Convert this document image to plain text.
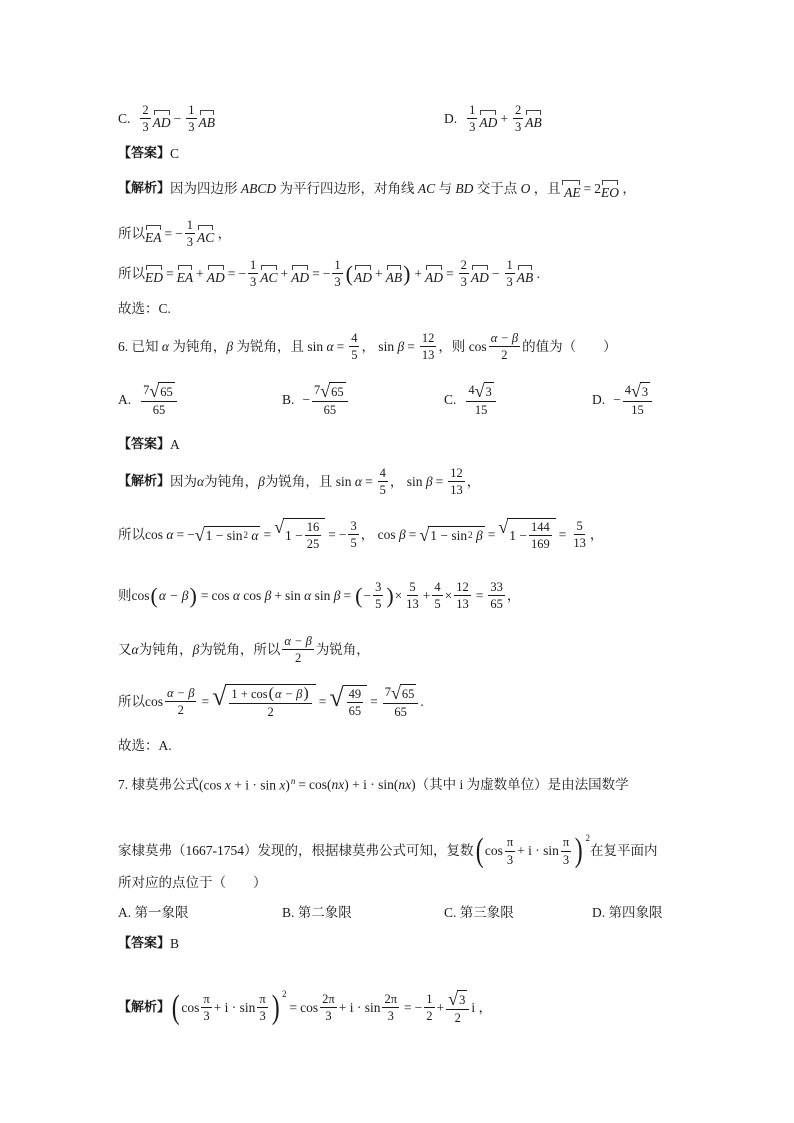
C. $\frac{2}{3}$ AD − $\frac{1}{3}$ AB	D. $\frac{1}{3}$ AD + $\frac{2}{3}$ AB
【答案】 C
【解析】 因为四边形 ABCD 为平行四边形，对角线 AC 与 BD 交于点 O ，且 AE = 2 EO ，
所以 EA = − $\frac{1}{3}$ AC ，
所以 ED = EA + AD = − $\frac{1}{3}$ AC + AD = − $\frac{1}{3}$ ( AD + AB ) + AD = $\frac{2}{3}$ AD − $\frac{1}{3}$ AB .
故选：C.
6. 已知 α 为钝角， β 为锐角，且 $\sin \alpha = \frac{4}{5}$ ， $\sin \beta = \frac{12}{13}$ ，则 $\cos \frac{\alpha - \beta}{2}$ 的值为（　　）
A. $\frac{7 √ 65}{65}$	B. − $\frac{7 √ 65}{65}$	C. $\frac{4 √ 3}{15}$	D. − $\frac{4 √ 3}{15}$
【答案】 A
【解析】 因为 α 为钝角， β 为锐角，且 $\sin \alpha = \frac{4}{5}$ ， $\sin \beta = \frac{12}{13}$ ，
所以 cos α = − √ 1 − sin 2
α = √ $1 - \frac{16}{25}$ = − $\frac{3}{5}$ ， cos β = √ 1 − sin 2
β = √ $1 - \frac{144}{169} = \frac{5}{13}$ ，
则 cos ( α − β ) = cos α cos β + sin α sin β = ( − $\frac{3}{5}$ ) × $\frac{5}{13} + \frac{4}{5} \times \frac{12}{13} = \frac{33}{65}$ ，
又 α 为钝角， β 为锐角，所以 $\frac{\alpha - \beta}{2}$ 为锐角，
所以 $\cos \frac{\alpha - \beta}{2}$ = √ $\frac{1 + \cos(\alpha - \beta)}{2}$ = √ $\frac{49}{65} = \frac{7 √ 65}{65}$ .
故选：A.
7. 棣莫弗公式 (cos x + i · sin x)$^n$ = cos( nx ) + i · sin( nx ) （其中 i 为虚数单位）是由法国数学
家棣莫弗（1667-1754）发现的，根据棣莫弗公式可知，复数 ( $\cos \frac{\pi}{3} + i \cdot \sin \frac{\pi}{3}$ ) 2
在复平面内
所对应的点位于（　　）
A. 第一象限	B. 第二象限	C. 第三象限	D. 第四象限
【答案】 B
【解析】 ( $\cos \frac{\pi}{3} + i \cdot \sin \frac{\pi}{3}$ ) 2
= $\cos \frac{2\pi}{3} + i \cdot \sin \frac{2\pi}{3}$ = − $\frac{1}{2} + \frac{√ 3}{2}$ i ，
